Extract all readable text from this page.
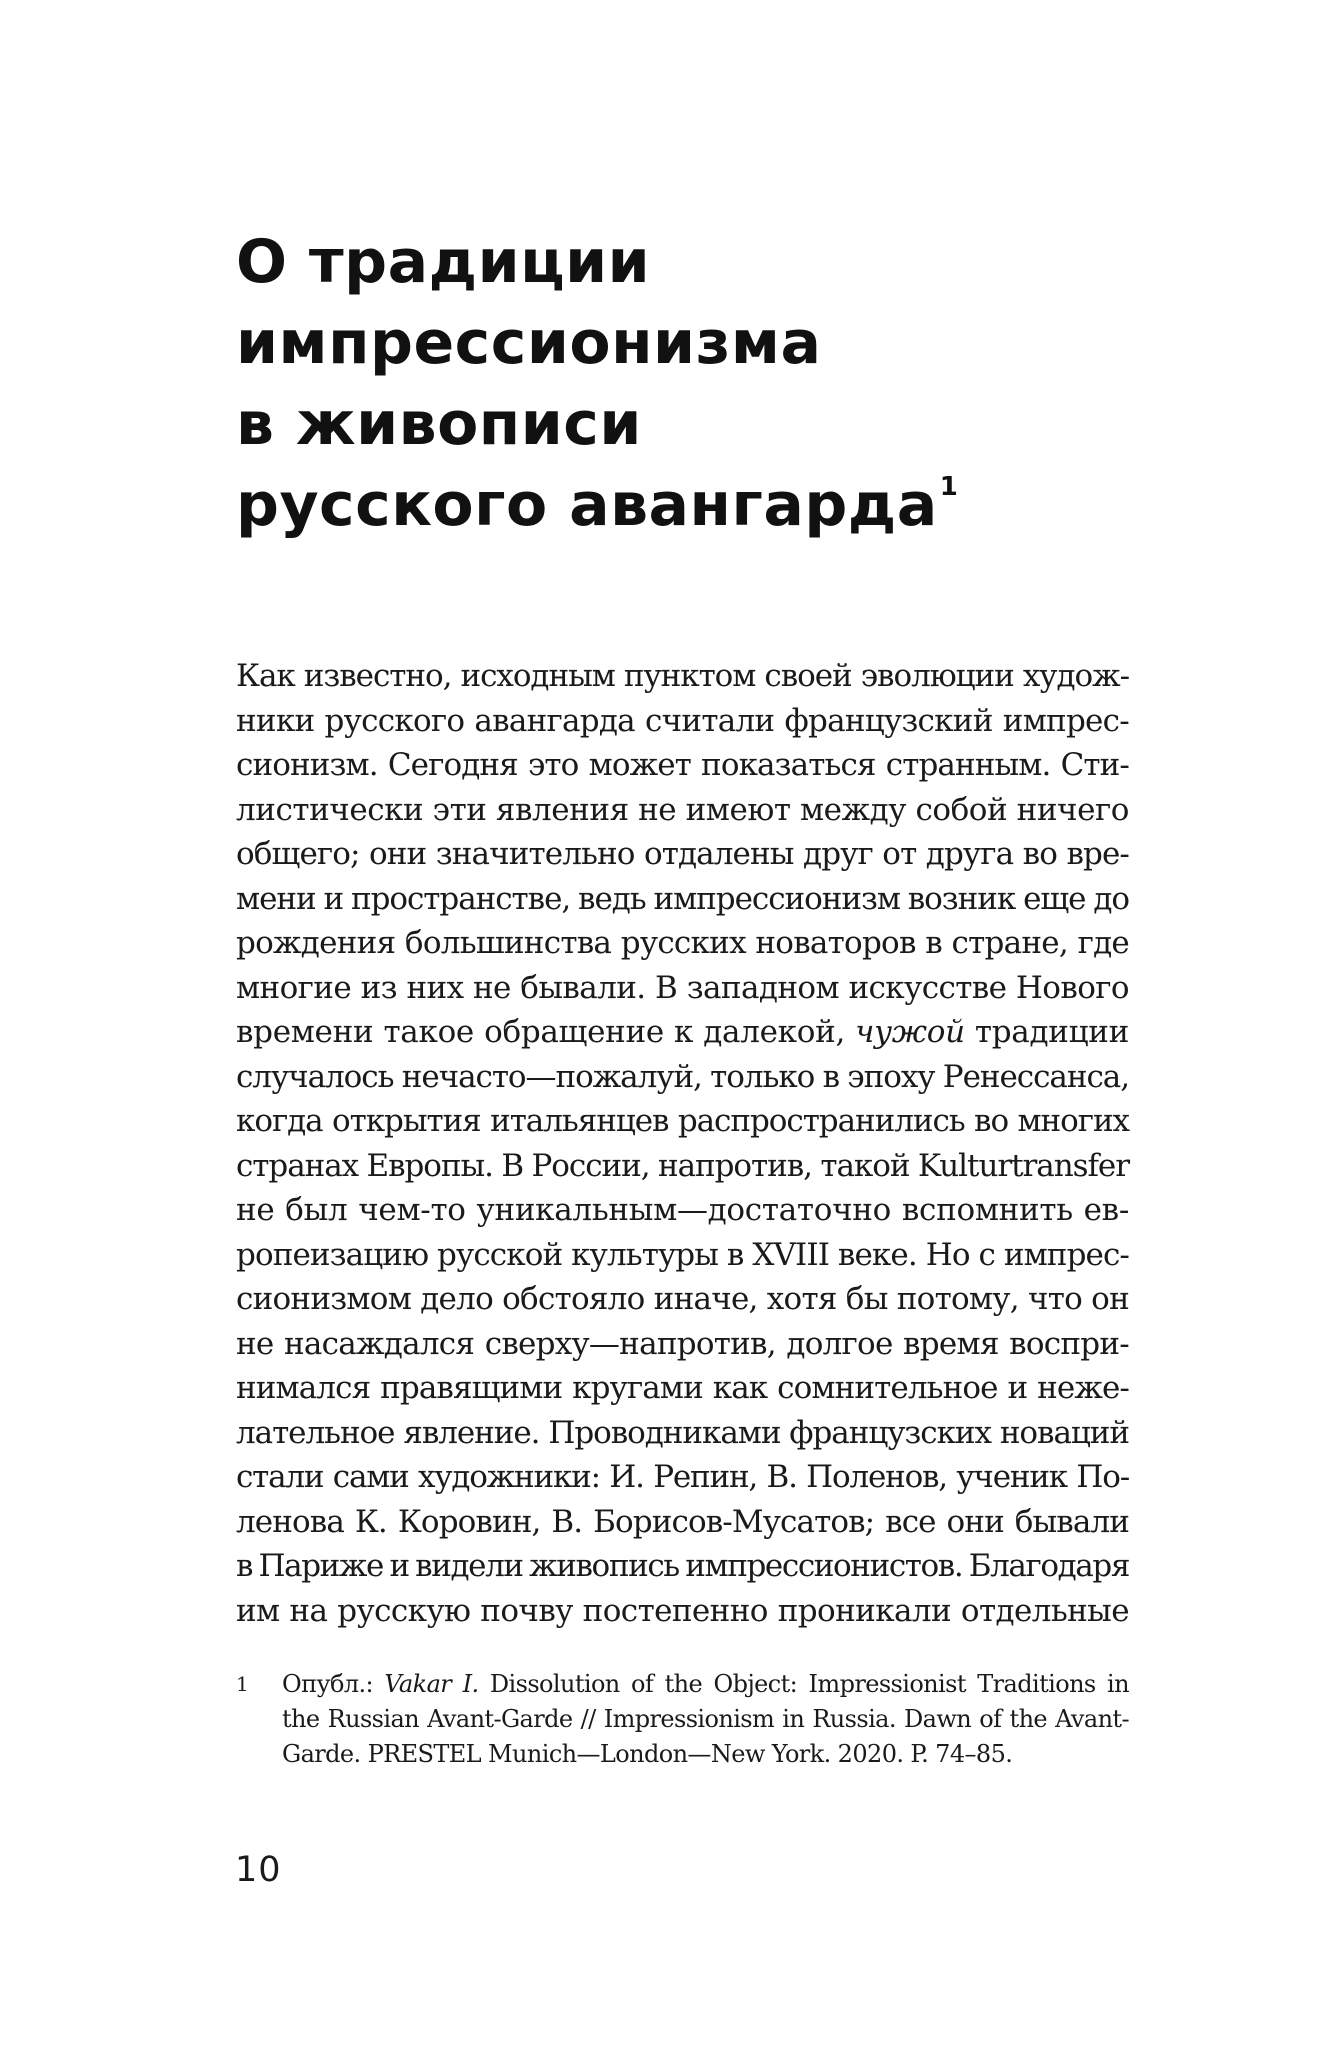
О традиции
импрессионизма
в живописи
русского авангарда$^1$
Как известно, исходным пунктом своей эволюции худож-
ники русского авангарда считали французский импрес-
сионизм. Сегодня это может показаться странным. Сти-
листически эти явления не имеют между собой ничего
общего; они значительно отдалены друг от друга во вре-
мени и пространстве, ведь импрессионизм возник еще до
рождения большинства русских новаторов в стране, где
многие из них не бывали. В западном искусстве Нового
времени такое обращение к далекой, чужой традиции
случалось нечасто—пожалуй, только в эпоху Ренессанса,
когда открытия итальянцев распространились во многих
странах Европы. В России, напротив, такой Kulturtransfer
не был чем-то уникальным—достаточно вспомнить ев-
ропеизацию русской культуры в XVIII веке. Но с импрес-
сионизмом дело обстояло иначе, хотя бы потому, что он
не насаждался сверху—напротив, долгое время воспри-
нимался правящими кругами как сомнительное и неже-
лательное явление. Проводниками французских новаций
стали сами художники: И. Репин, В. Поленов, ученик По-
ленова К. Коровин, В. Борисов-Мусатов; все они бывали
в Париже и видели живопись импрессионистов. Благодаря
им на русскую почву постепенно проникали отдельные
1 Опубл.: Vakar I. Dissolution of the Object: Impressionist Traditions in
the Russian Avant-Garde // Impressionism in Russia. Dawn of the Avant-
Garde. PRESTEL Munich—London—New York. 2020. P. 74–85.
10
